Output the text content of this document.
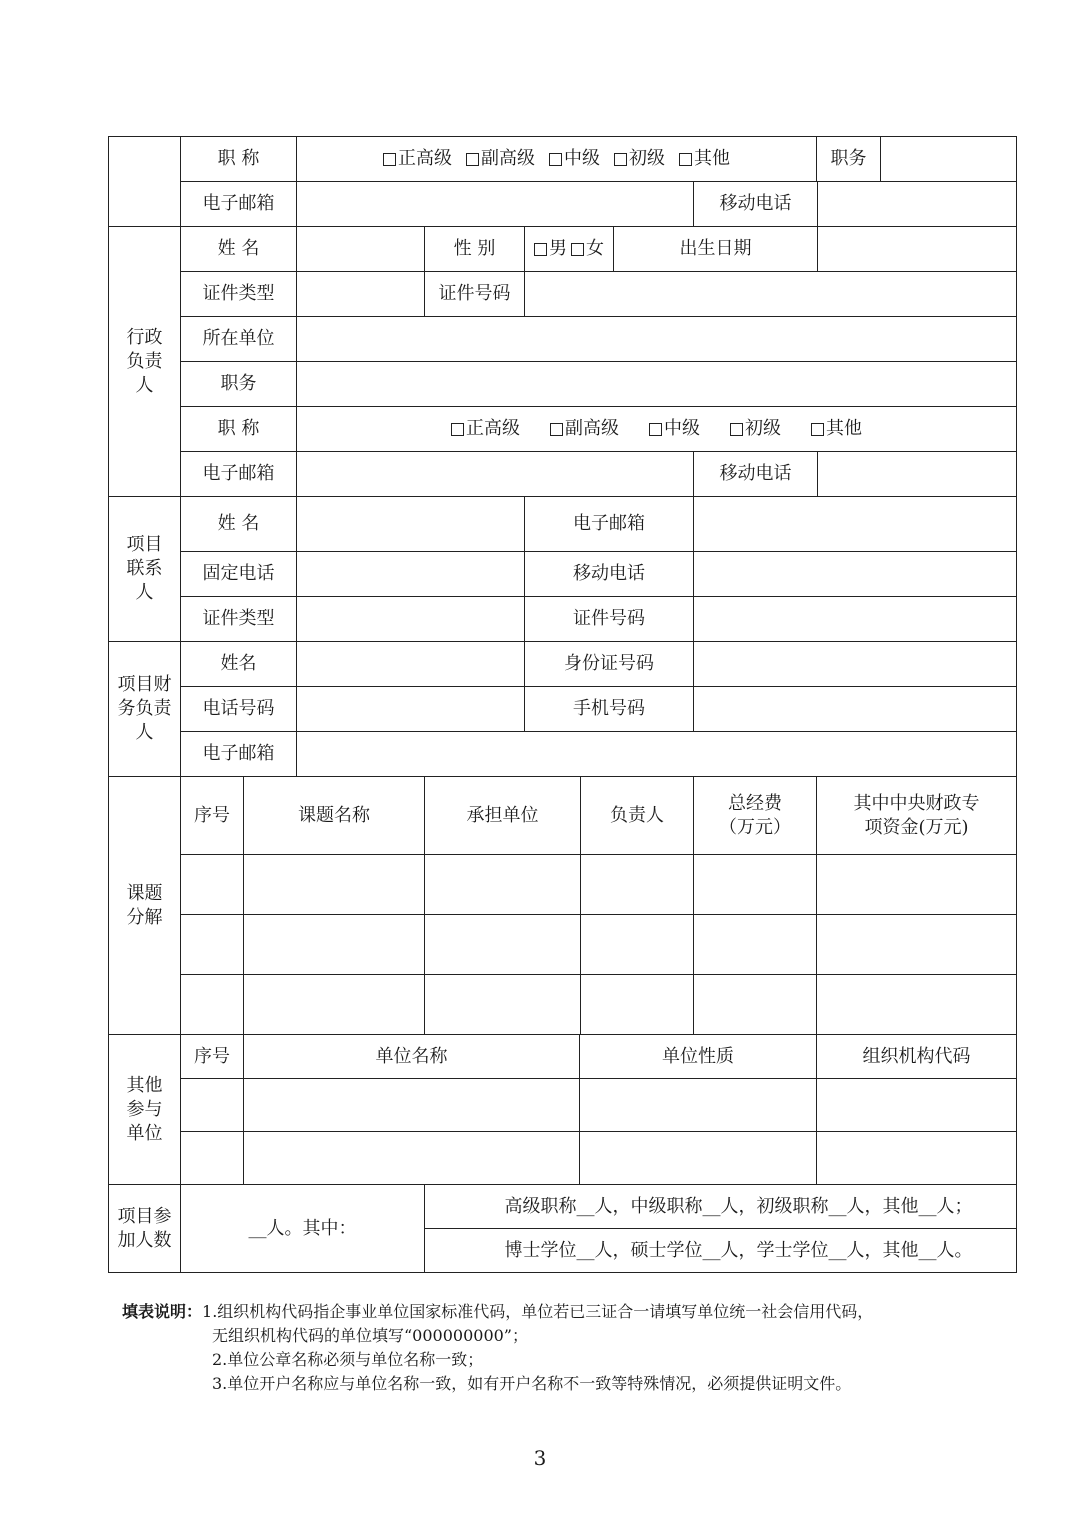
	职 称		正高级 副高级 中级 初级 其他						职务	
	电子邮箱							移动电话		
行政负责人	姓 名			性 别	男 女		出生日期			
	证件类型			证件号码						
	所在单位									
	职务									
	职 称		正高级 副高级 中级 初级 其他							

	电子邮箱							移动电话		
项目联系人	姓 名				电子邮箱					
	固定电话				移动电话					
	证件类型				证件号码					
项目财务负责人	姓名				身份证号码					
	电话号码				手机号码					
	电子邮箱									
课题分解	序号	课题名称		承担单位		负责人		总经费（万元）	其中中央财政专项资金(万元)	

其他参与单位	序号	单位名称				单位性质			组织机构代码	

项目参加人数	__人。其中：			高级职称__人，中级职称__人，初级职称__人，其他__人；						
				博士学位__人，硕士学位__人，学士学位__人，其他__人。						
填表说明：1.组织机构代码指企事业单位国家标准代码，单位若已三证合一请填写单位统一社会信用代码，
无组织机构代码的单位填写“000000000”；
2.单位公章名称必须与单位名称一致；
3.单位开户名称应与单位名称一致，如有开户名称不一致等特殊情况，必须提供证明文件。
3
